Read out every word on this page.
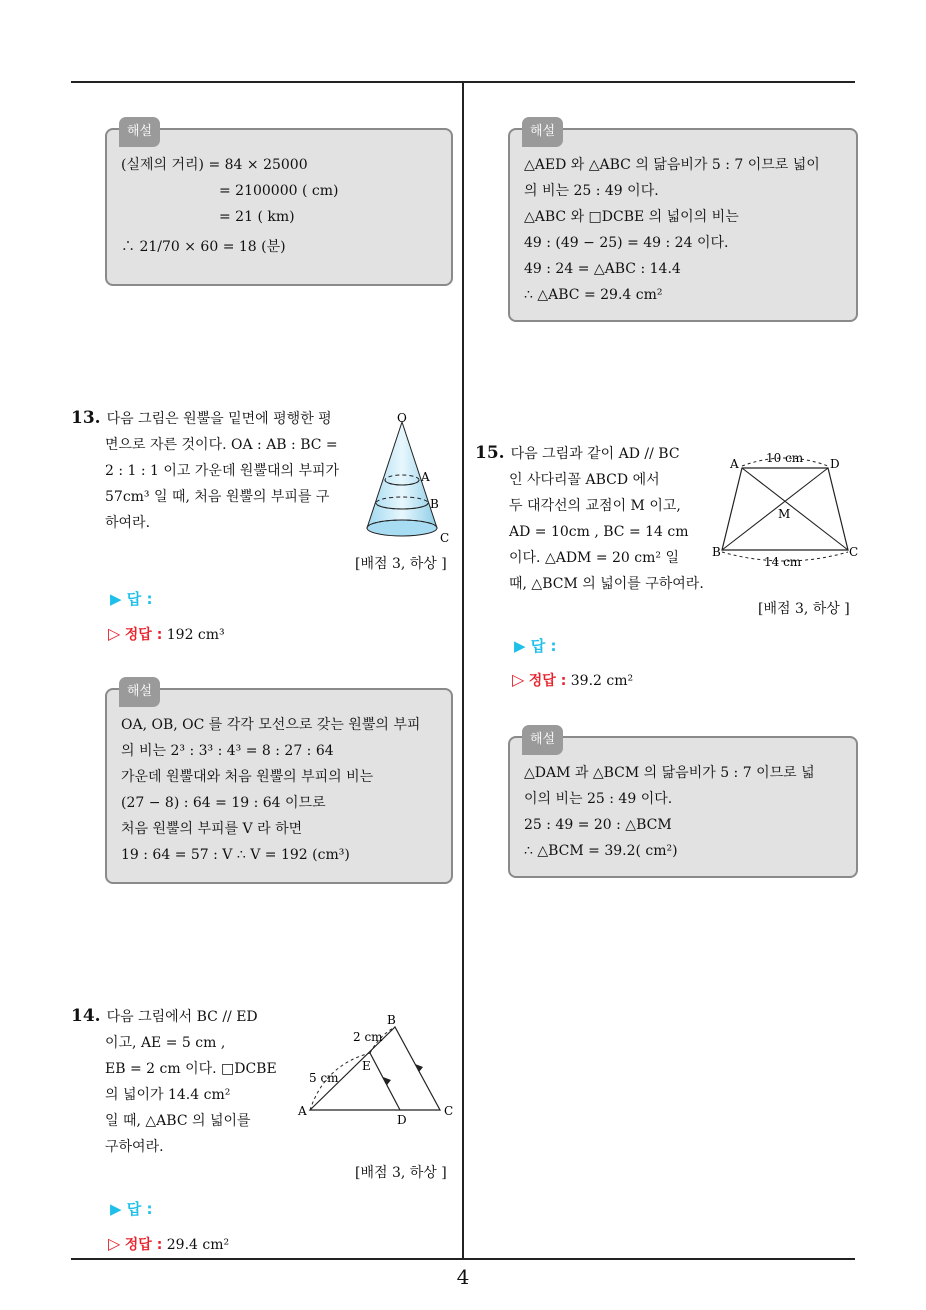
해설
(실제의 거리) = 84 × 25000
= 2100000 ( cm)
= 21 ( km)
∴ 21/70 × 60 = 18 (분)
해설
△AED 와 △ABC 의 닮음비가 5 : 7 이므로 넓이
의 비는 25 : 49 이다.
△ABC 와 □DCBE 의 넓이의 비는
49 : (49 − 25) = 49 : 24 이다.
49 : 24 = △ABC : 14.4
∴ △ABC = 29.4 cm²
13. 다음 그림은 원뿔을 밑면에 평행한 평
면으로 자른 것이다. OA : AB : BC =
2 : 1 : 1 이고 가운데 원뿔대의 부피가
57cm³ 일 때, 처음 원뿔의 부피를 구
하여라.
O
A
B
C
[배점 3, 하상 ]
▶ 답 :
▷ 정답 : 192 cm³
해설
OA, OB, OC 를 각각 모선으로 갖는 원뿔의 부피
의 비는 2³ : 3³ : 4³ = 8 : 27 : 64
가운데 원뿔대와 처음 원뿔의 부피의 비는
(27 − 8) : 64 = 19 : 64 이므로
처음 원뿔의 부피를 V 라 하면
19 : 64 = 57 : V ∴ V = 192 (cm³)
14. 다음 그림에서 BC // ED
이고, AE = 5 cm ,
EB = 2 cm 이다. □DCBE
의 넓이가 14.4 cm²
일 때, △ABC 의 넓이를
구하여라.
B
2 cm
E
5 cm
A
D
C
[배점 3, 하상 ]
▶ 답 :
▷ 정답 : 29.4 cm²
15. 다음 그림과 같이 AD // BC
인 사다리꼴 ABCD 에서
두 대각선의 교점이 M 이고,
AD = 10cm , BC = 14 cm
이다. △ADM = 20 cm² 일
때, △BCM 의 넓이를 구하여라.
A 10 cm D
M
B
14 cm
C
[배점 3, 하상 ]
▶ 답 :
▷ 정답 : 39.2 cm²
해설
△DAM 과 △BCM 의 닮음비가 5 : 7 이므로 넓
이의 비는 25 : 49 이다.
25 : 49 = 20 : △BCM
∴ △BCM = 39.2( cm²)
4
